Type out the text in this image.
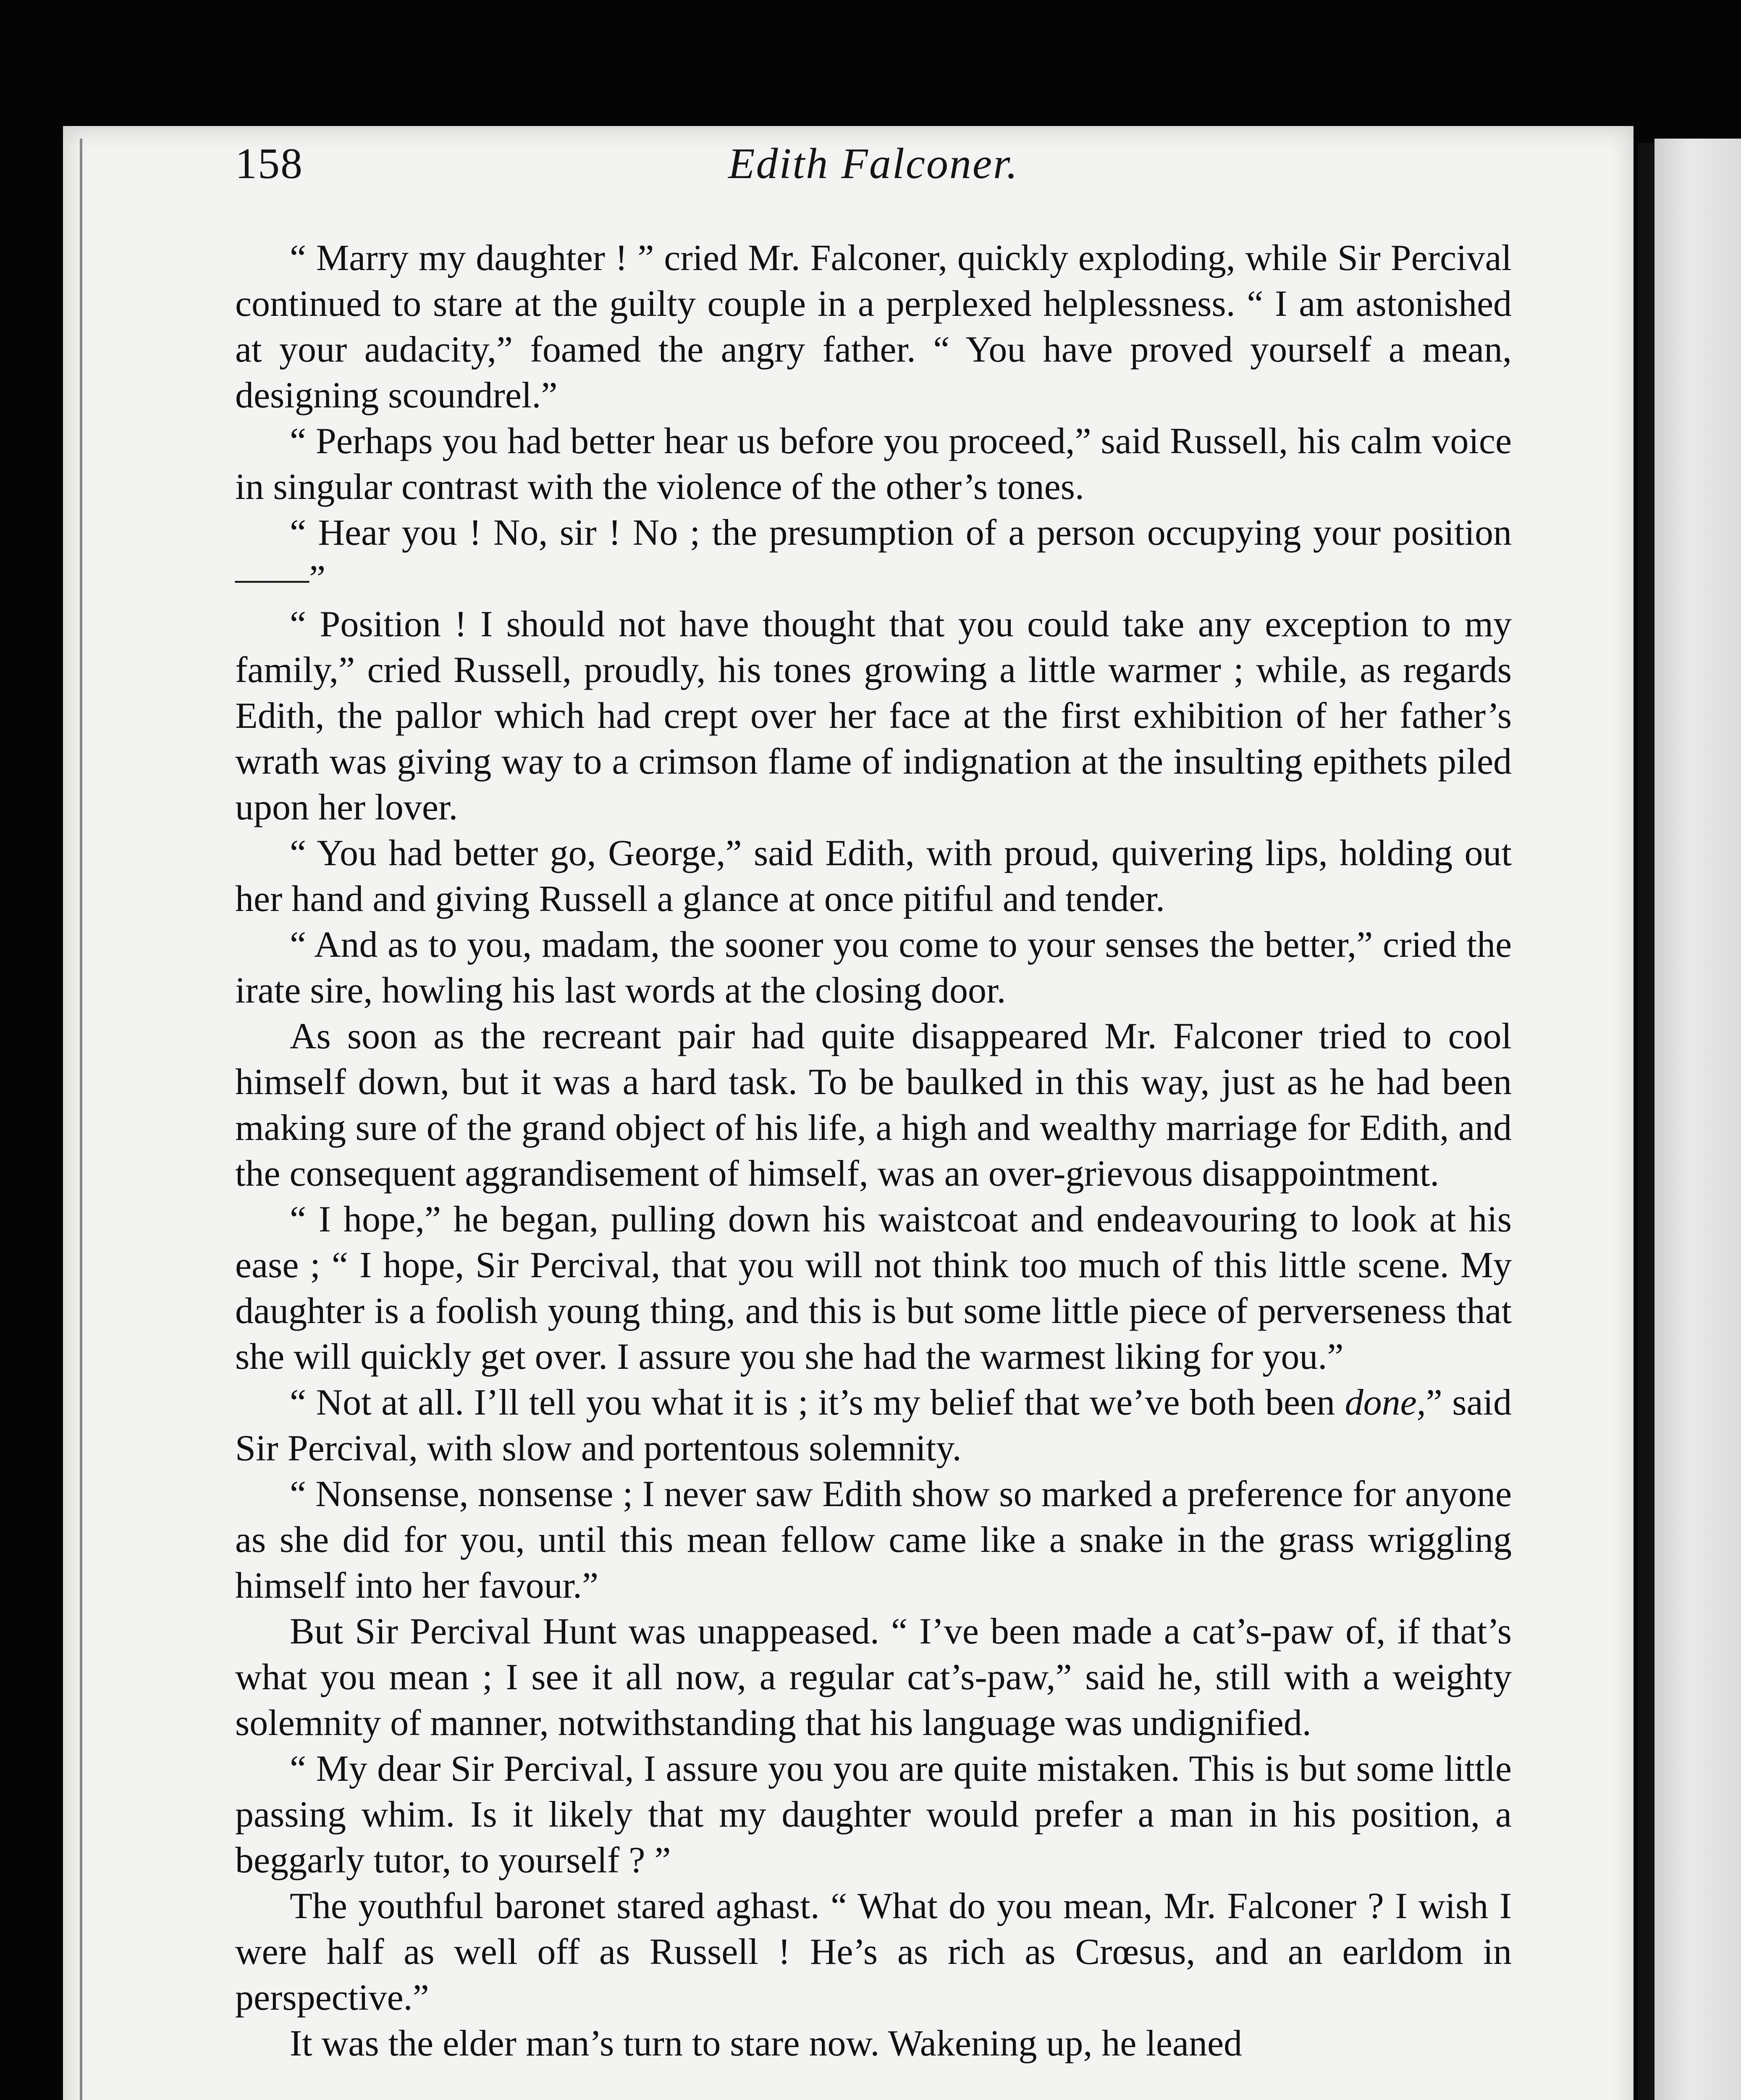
158	Edith Falconer.

“ Marry my daughter ! ” cried Mr. Falconer, quickly exploding, while Sir Percival continued to stare at the guilty couple in a perplexed helplessness. “ I am astonished at your audacity,” foamed the angry father. “ You have proved yourself a mean, designing scoundrel.”

“ Perhaps you had better hear us before you proceed,” said Russell, his calm voice in singular contrast with the violence of the other’s tones.

“ Hear you ! No, sir ! No ; the presumption of a person occupying your position ——”

“ Position ! I should not have thought that you could take any exception to my family,” cried Russell, proudly, his tones growing a little warmer ; while, as regards Edith, the pallor which had crept over her face at the first exhibition of her father’s wrath was giving way to a crimson flame of indignation at the insulting epithets piled upon her lover.

“ You had better go, George,” said Edith, with proud, quivering lips, holding out her hand and giving Russell a glance at once pitiful and tender.

“ And as to you, madam, the sooner you come to your senses the better,” cried the irate sire, howling his last words at the closing door.

As soon as the recreant pair had quite disappeared Mr. Falconer tried to cool himself down, but it was a hard task. To be baulked in this way, just as he had been making sure of the grand object of his life, a high and wealthy marriage for Edith, and the consequent aggrandisement of himself, was an over-grievous disappointment.

“ I hope,” he began, pulling down his waistcoat and endeavouring to look at his ease ; “ I hope, Sir Percival, that you will not think too much of this little scene. My daughter is a foolish young thing, and this is but some little piece of perverseness that she will quickly get over. I assure you she had the warmest liking for you.”

“ Not at all. I’ll tell you what it is ; it’s my belief that we’ve both been done,” said Sir Percival, with slow and portentous solemnity.

“ Nonsense, nonsense ; I never saw Edith show so marked a preference for anyone as she did for you, until this mean fellow came like a snake in the grass wriggling himself into her favour.”

But Sir Percival Hunt was unappeased. “ I’ve been made a cat’s-paw of, if that’s what you mean ; I see it all now, a regular cat’s-paw,” said he, still with a weighty solemnity of manner, notwithstanding that his language was undignified.

“ My dear Sir Percival, I assure you you are quite mistaken. This is but some little passing whim. Is it likely that my daughter would prefer a man in his position, a beggarly tutor, to yourself ? ”

The youthful baronet stared aghast. “ What do you mean, Mr. Falconer ? I wish I were half as well off as Russell ! He’s as rich as Crœsus, and an earldom in perspective.”

It was the elder man’s turn to stare now. Wakening up, he leaned
